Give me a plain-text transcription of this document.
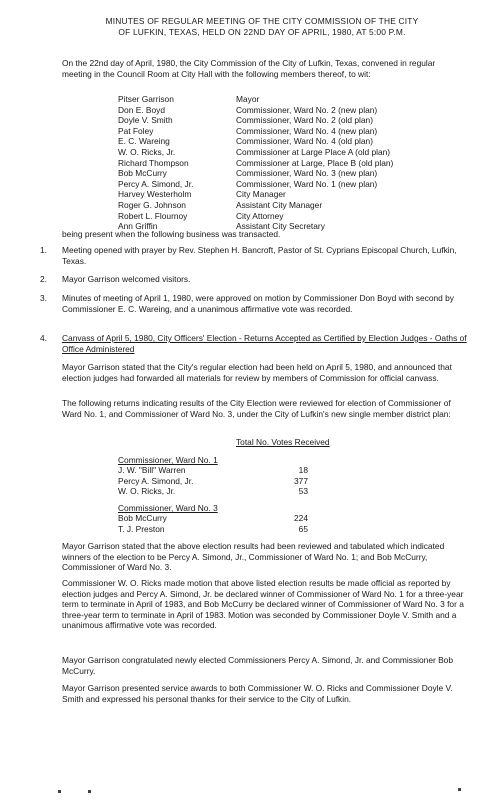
MINUTES OF REGULAR MEETING OF THE CITY COMMISSION OF THE CITY
OF LUFKIN, TEXAS, HELD ON 22ND DAY OF APRIL, 1980, AT 5:00 P.M.

On the 22nd day of April, 1980, the City Commission of the City of Lufkin, Texas, convened in regular meeting in the Council Room at City Hall with the following members thereof, to wit:

Pitser Garrison	Mayor
Don E. Boyd	Commissioner, Ward No. 2 (new plan)
Doyle V. Smith	Commissioner, Ward No. 2 (old plan)
Pat Foley	Commissioner, Ward No. 4 (new plan)
E. C. Wareing	Commissioner, Ward No. 4 (old plan)
W. O. Ricks, Jr.	Commissioner at Large Place A (old plan)
Richard Thompson	Commissioner at Large, Place B (old plan)
Bob McCurry	Commissioner, Ward No. 3 (new plan)
Percy A. Simond, Jr.	Commissioner, Ward No. 1 (new plan)
Harvey Westerholm	City Manager
Roger G. Johnson	Assistant City Manager
Robert L. Flournoy	City Attorney
Ann Griffin	Assistant City Secretary

being present when the following business was transacted.

1.	Meeting opened with prayer by Rev. Stephen H. Bancroft, Pastor of St. Cyprians Episcopal Church, Lufkin, Texas.
2.	Mayor Garrison welcomed visitors.
3.	Minutes of meeting of April 1, 1980, were approved on motion by Commissioner Don Boyd with second by Commissioner E. C. Wareing, and a unanimous affirmative vote was recorded.
4.	Canvass of April 5, 1980, City Officers' Election - Returns Accepted as Certified by Election Judges - Oaths of Office Administered

Mayor Garrison stated that the City's regular election had been held on April 5, 1980, and announced that election judges had forwarded all materials for review by members of Commission for official canvass.

The following returns indicating results of the City Election were reviewed for election of Commissioner of Ward No. 1, and Commissioner of Ward No. 3, under the City of Lufkin's new single member district plan:

Total No. Votes Received
Commissioner, Ward No. 1
J. W. "Bill" Warren	18
Percy A. Simond, Jr.	377
W. O. Ricks, Jr.	53
Commissioner, Ward No. 3
Bob McCurry	224
T. J. Preston	65

Mayor Garrison stated that the above election results had been reviewed and tabulated which indicated winners of the election to be Percy A. Simond, Jr., Commissioner of Ward No. 1; and Bob McCurry, Commissioner of Ward No. 3.

Commissioner W. O. Ricks made motion that above listed election results be made official as reported by election judges and Percy A. Simond, Jr. be declared winner of Commissioner of Ward No. 1 for a three-year term to terminate in April of 1983, and Bob McCurry be declared winner of Commissioner of Ward No. 3 for a three-year term to terminate in April of 1983. Motion was seconded by Commissioner Doyle V. Smith and a unanimous affirmative vote was recorded.

Mayor Garrison congratulated newly elected Commissioners Percy A. Simond, Jr. and Commissioner Bob McCurry.

Mayor Garrison presented service awards to both Commissioner W. O. Ricks and Commissioner Doyle V. Smith and expressed his personal thanks for their service to the City of Lufkin.
